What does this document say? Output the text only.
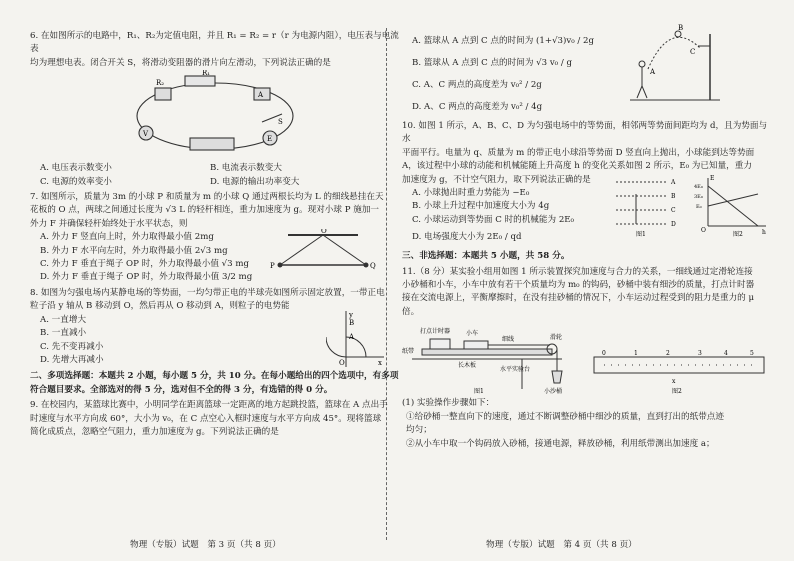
6. 在如图所示的电路中，R₁、R₂为定值电阻，并且 R₁ = R₂ = r（r 为电源内阻），电压表与电流表
均为理想电表。闭合开关 S，将滑动变阻器的滑片向左滑动，下列说法正确的是
R₁
R₂
A
S
V
E
A. 电压表示数变小	B. 电流表示数变大
C. 电源的效率变小	D. 电源的输出功率变大
7. 如图所示，质量为 3m 的小球 P 和质量为 m 的小球 Q 通过两根长均为 L 的细线悬挂在天
花板的 O 点，两球之间通过长度为 √3 L 的轻杆相连，重力加速度为 g。现对小球 P 施加一
外力 F 并确保轻杆始终处于水平状态，则
A. 外力 F 竖直向上时，外力取得最小值 2mg
B. 外力 F 水平向左时，外力取得最小值 2√3 mg
C. 外力 F 垂直于绳子 OP 时，外力取得最小值 √3 mg
D. 外力 F 垂直于绳子 OP 时，外力取得最小值 3/2 mg
O
P	Q
8. 如图为匀强电场内某静电场的等势面，一均匀带正电的半球壳如图所示固定放置，一带正电
粒子沿 y 轴从 B 移动到 O，然后再从 O 移动到 A，则粒子的电势能
A. 一直增大
B. 一直减小
C. 先不变再减小
D. 先增大再减小
y
A
B
O	x
二、多项选择题：本题共 2 小题，每小题 5 分，共 10 分。在每小题给出的四个选项中，有多项
符合题目要求。全部选对的得 5 分，选对但不全的得 3 分，有选错的得 0 分。
9. 在校园内，某篮球比赛中，小明同学在距离篮球一定距离的地方起跳投篮，篮球在 A 点出手
时速度与水平方向成 60°，大小为 v₀，在 C 点空心入框时速度与水平方向成 45°。现将篮球
简化成质点，忽略空气阻力，重力加速度为 g。下列说法正确的是
A. 篮球从 A 点到 C 点的时间为 (1+√3)v₀ / 2g
B. 篮球从 A 点到 C 点的时间为 √3 v₀ / g
C. A、C 两点的高度差为 v₀² / 2g
D. A、C 两点的高度差为 v₀² / 4g
A
B
C
10. 如图 1 所示，A、B、C、D 为匀强电场中的等势面，相邻两等势面间距均为 d，且为势面与水
平面平行。电量为 q、质量为 m 的带正电小球沿等势面 D 竖直向上抛出，小球能到达等势面
A，该过程中小球的动能和机械能随上升高度 h 的变化关系如图 2 所示，E₀ 为已知量，重力
加速度为 g，不计空气阻力，取下列说法正确的是
A. 小球抛出时重力势能为 −E₀
B. 小球上升过程中加速度大小为 4g
C. 小球运动到等势面 C 时的机械能为 2E₀
D. 电场强度大小为 2E₀ / qd
A
B
C
D
图1
E
4E₀
3E₀
E₀
O	h
图2
三、非选择题：本题共 5 小题，共 58 分。
11.（8 分）某实验小组用如图 1 所示装置探究加速度与合力的关系，一细线通过定滑轮连接
小砂桶和小车，小车中放有若干个质量均为 m₀ 的钩码，砂桶中装有细沙的质量，打点计时器
接在交流电源上，平衡摩擦时，在没有挂砂桶的情况下，小车运动过程受到的阻力是重力的 μ 倍。
打点计时器	小车
细线	滑轮
纸带
长木板
水平实验台
小沙桶
图1
0	1	2	3	4	5
x
图2
(1) 实验操作步骤如下：
①给砂桶一整直向下的速度，通过不断调整砂桶中细沙的质量，直到打出的纸带点迹
均匀；
②从小车中取一个钩码放入砂桶，接通电源，释放砂桶，利用纸带测出加速度 a；
物理（专版）试题　第 3 页（共 8 页）	物理（专版）试题　第 4 页（共 8 页）
